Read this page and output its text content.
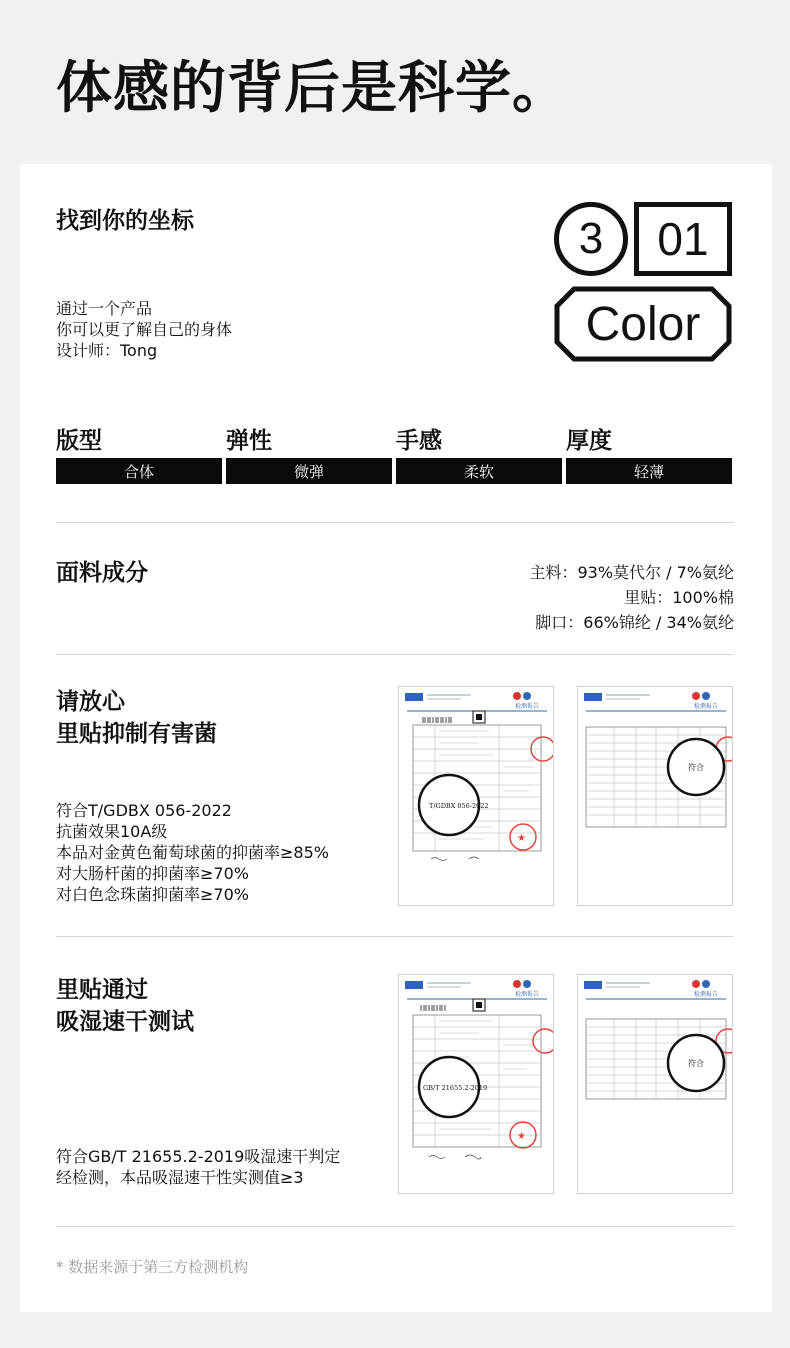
体感的背后是科学。
找到你的坐标
通过一个产品
你可以更了解自己的身体
设计师：Tong
3	01
Color
版型
合体
弹性
微弹
手感
柔软
厚度
轻薄
面料成分	主料：93%莫代尔 / 7%氨纶
里贴：100%棉
脚口：66%锦纶 / 34%氨纶
请放心
里贴抑制有害菌
符合T/GDBX 056-2022
抗菌效果10A级
本品对金黄色葡萄球菌的抑菌率≥85%
对大肠杆菌的抑菌率≥70%
对白色念珠菌抑菌率≥70%
检测报告
★
T/GDBX 056-2022
检测报告
符合
里贴通过
吸湿速干测试
符合GB/T 21655.2-2019吸湿速干判定
经检测，本品吸湿速干性实测值≥3
检测报告
★
GB/T 21655.2-2019
检测报告
符合
* 数据来源于第三方检测机构
